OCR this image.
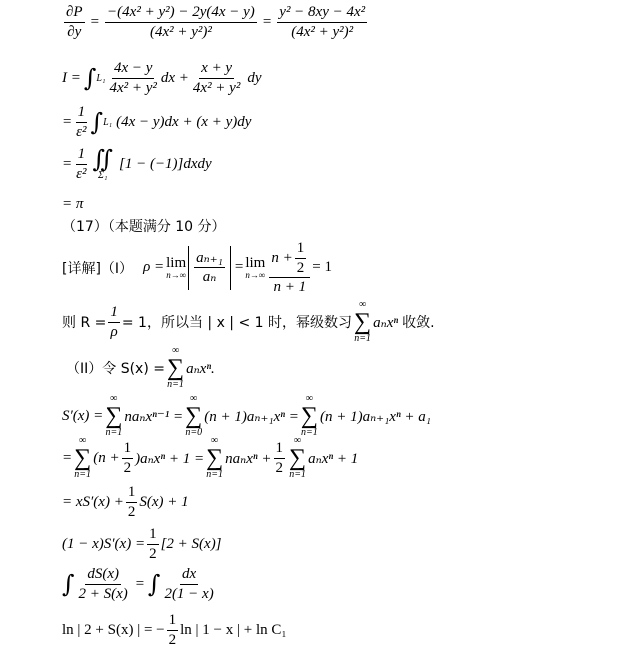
$\frac{\partial P}{\partial y} = \frac{\text{−(4x² + y²) − 2y(4x − y)}}{\text{(4x² + y²)²}} = \frac{\text{y² − 8xy − 4x²}}{\text{(4x² + y²)²}}$
I = ∫ $L_1 \frac{4x - y}{\text{4x² + y²}}$ dx + $\frac{x + y}{\text{4x² + y²}}$ dy
= $\frac{1}{\text{ε²}}$ ∫ L₁ (4x − y)dx + (x + y)dy
= $\frac{1}{\text{ε²}}$ ∬
Σ₁
[1 − (−1)]dxdy
= π
（17）（本题满分 10 分）
[详解]（I） ρ = lim
$n\to\infty \frac{\text{aₙ₊₁}}{\text{aₙ}} = \lim$
$n\to\infty \frac{n + \frac{1}{2}}{n + 1} = 1$
则 $R = \frac{1}{\rho} = 1$，所以当 | x | < 1 时，幂级数习
∞
∑
n=1
aₙxⁿ 收敛.
（II）令 S(x) =
∞
∑
n=1
aₙxⁿ.
S′(x) =
∞
∑
n=1
naₙxⁿ⁻¹ =
∞
∑
n=0
(n + 1)aₙ₊₁xⁿ =
∞
∑
n=1
(n + 1)aₙ₊₁xⁿ + a₁
=
∞
∑
n=1
$(n + \frac{1}{2} )a_nx^n + 1$ =
∞
∑
n=1
$na_nx^n + \frac{1}{2}$ ∞
∑
n=1
aₙxⁿ + 1
= $xS'(x) + \frac{1}{2} S(x) + 1$
$(1 - x)S'(x) = \frac{1}{2} [2 + S(x)]$
∫ $\frac{dS(x)}{2 + S(x)}$ = ∫ $\frac{dx}{2(1 - x)}$
ln | 2 + S(x) | = − $\frac{1}{2}$ ln | 1 − x | + ln C₁
